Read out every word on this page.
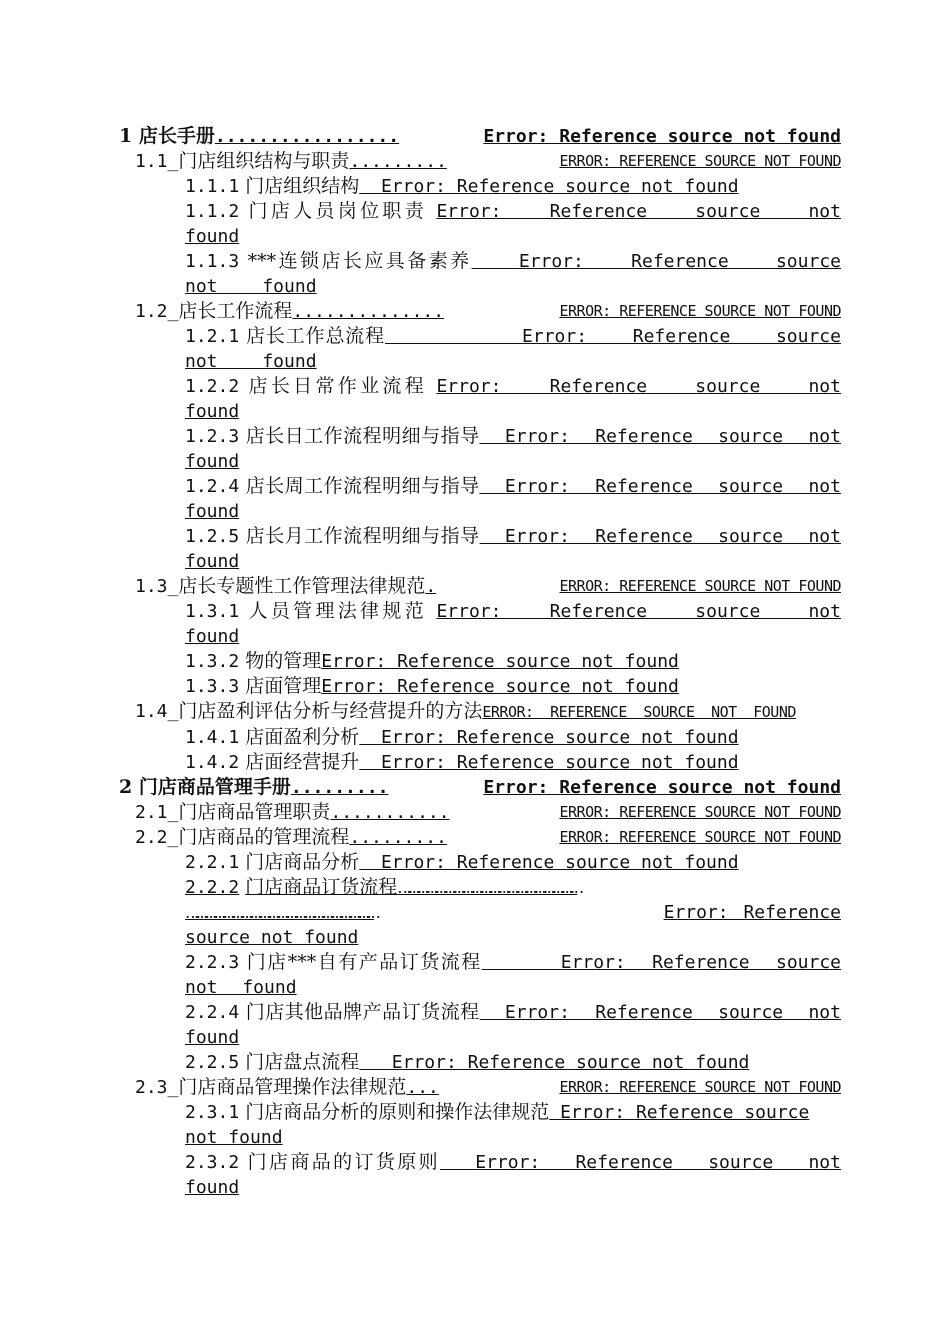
1 店长手册.................	Error: Reference source not found
1.1_门店组织结构与职责.........	ERROR: REFERENCE SOURCE NOT FOUND
1.1.1 门店组织结构 Error: Reference source not found
1.1.2 门店人员岗位职责 Error: Reference source not found
1.1.3 ***连锁店长应具备素养	Error: Reference source not found
1.2_店长工作流程..............	ERROR: REFERENCE SOURCE NOT FOUND
1.2.1 店长工作总流程	Error: Reference source not found
1.2.2 店长日常作业流程 Error: Reference source not found
1.2.3 店长日工作流程明细与指导 Error: Reference source not found
1.2.4 店长周工作流程明细与指导 Error: Reference source not found
1.2.5 店长月工作流程明细与指导 Error: Reference source not found
1.3_店长专题性工作管理法律规范.	ERROR: REFERENCE SOURCE NOT FOUND
1.3.1 人员管理法律规范 Error: Reference source not found
1.3.2 物的管理Error: Reference source not found
1.3.3 店面管理Error: Reference source not found
1.4_门店盈利评估分析与经营提升的方法ERROR: REFERENCE SOURCE NOT FOUND
1.4.1 店面盈利分析 Error: Reference source not found
1.4.2 店面经营提升 Error: Reference source not found
2 门店商品管理手册.........	Error: Reference source not found
2.1_门店商品管理职责...........	ERROR: REFERENCE SOURCE NOT FOUND
2.2_门店商品的管理流程.........	ERROR: REFERENCE SOURCE NOT FOUND
2.2.1 门店商品分析 Error: Reference source not found
2.2.2 门店商品订货流程……………………………………………………
………………………………………………………	Error: Reference
source not found
2.2.3 门店***自有产品订货流程	Error: Reference source not found
2.2.4 门店其他品牌产品订货流程 Error: Reference source not found
2.2.5 门店盘点流程 Error: Reference source not found
2.3_门店商品管理操作法律规范...	ERROR: REFERENCE SOURCE NOT FOUND
2.3.1 门店商品分析的原则和操作法律规范 Error: Reference source not found
2.3.2 门店商品的订货原则 Error: Reference source not found
